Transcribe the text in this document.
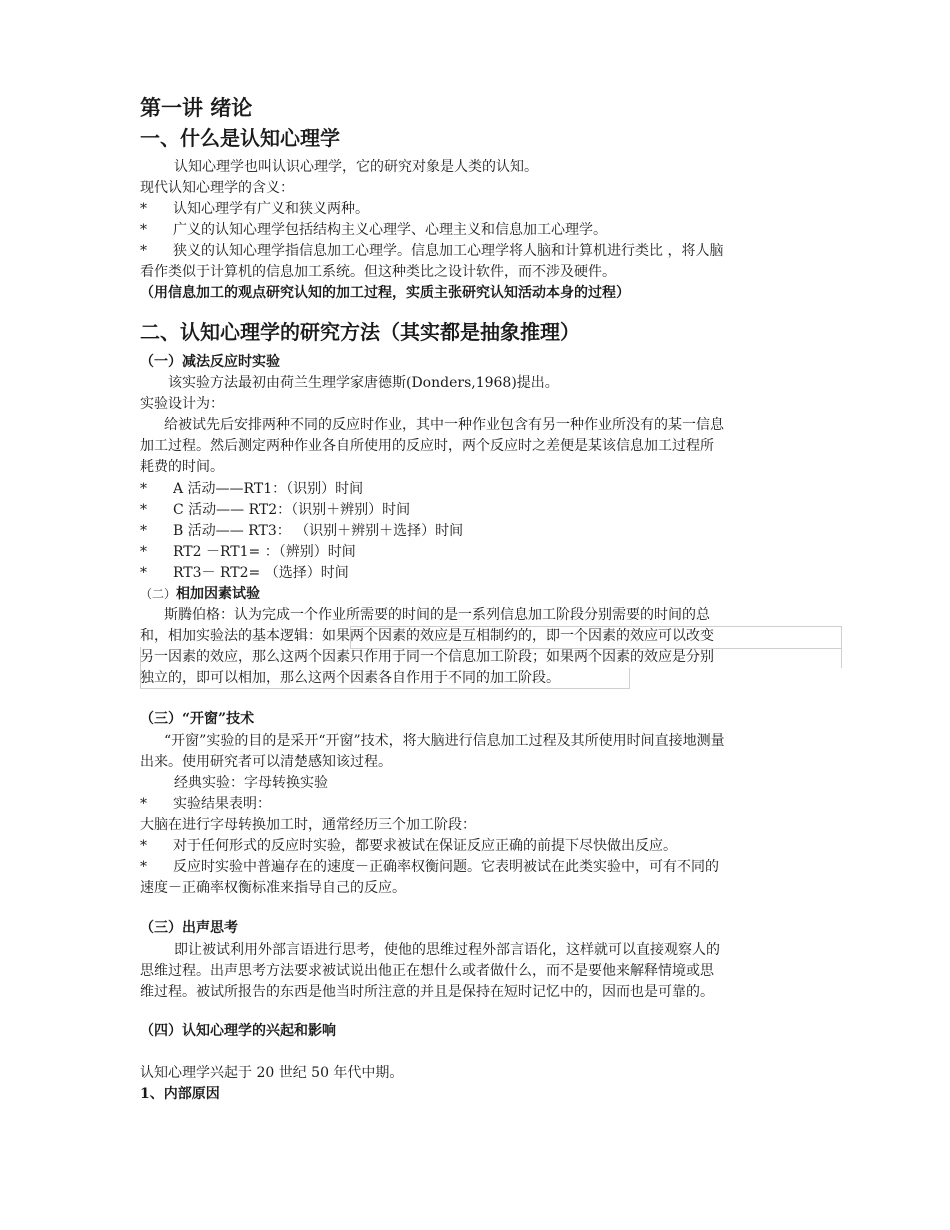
第一讲 绪论
一、什么是认知心理学
认知心理学也叫认识心理学，它的研究对象是人类的认知。
现代认知心理学的含义：
* 认知心理学有广义和狭义两种。
* 广义的认知心理学包括结构主义心理学、心理主义和信息加工心理学。
* 狭义的认知心理学指信息加工心理学。信息加工心理学将人脑和计算机进行类比 ，将人脑
看作类似于计算机的信息加工系统。但这种类比之设计软件，而不涉及硬件。
（用信息加工的观点研究认知的加工过程，实质主张研究认知活动本身的过程）
二、认知心理学的研究方法（其实都是抽象推理）
（一）减法反应时实验
该实验方法最初由荷兰生理学家唐德斯(Donders,1968)提出。
实验设计为：
给被试先后安排两种不同的反应时作业，其中一种作业包含有另一种作业所没有的某一信息
加工过程。然后测定两种作业各自所使用的反应时，两个反应时之差便是某该信息加工过程所
耗费的时间。
* A 活动——RT1：（识别）时间
* C 活动—— RT2：（识别＋辨别）时间
* B 活动—— RT3： （识别＋辨别＋选择）时间
* RT2 －RT1= ：（辨别）时间
* RT3－ RT2= （选择）时间
（二）相加因素试验
斯腾伯格：认为完成一个作业所需要的时间的是一系列信息加工阶段分别需要的时间的总
和，相加实验法的基本逻辑：如果两个因素的效应是互相制约的，即一个因素的效应可以改变
另一因素的效应，那么这两个因素只作用于同一个信息加工阶段；如果两个因素的效应是分别
独立的，即可以相加，那么这两个因素各自作用于不同的加工阶段。
（三）“开窗”技术
“开窗”实验的目的是采开“开窗”技术，将大脑进行信息加工过程及其所使用时间直接地测量
出来。使用研究者可以清楚感知该过程。
经典实验：字母转换实验
* 实验结果表明：
大脑在进行字母转换加工时，通常经历三个加工阶段：
* 对于任何形式的反应时实验，都要求被试在保证反应正确的前提下尽快做出反应。
* 反应时实验中普遍存在的速度－正确率权衡问题。它表明被试在此类实验中，可有不同的
速度－正确率权衡标准来指导自己的反应。
（三）出声思考
即让被试利用外部言语进行思考，使他的思维过程外部言语化，这样就可以直接观察人的
思维过程。出声思考方法要求被试说出他正在想什么或者做什么，而不是要他来解释情境或思
维过程。被试所报告的东西是他当时所注意的并且是保持在短时记忆中的，因而也是可靠的。
（四）认知心理学的兴起和影响
认知心理学兴起于 20 世纪 50 年代中期。
1、内部原因
